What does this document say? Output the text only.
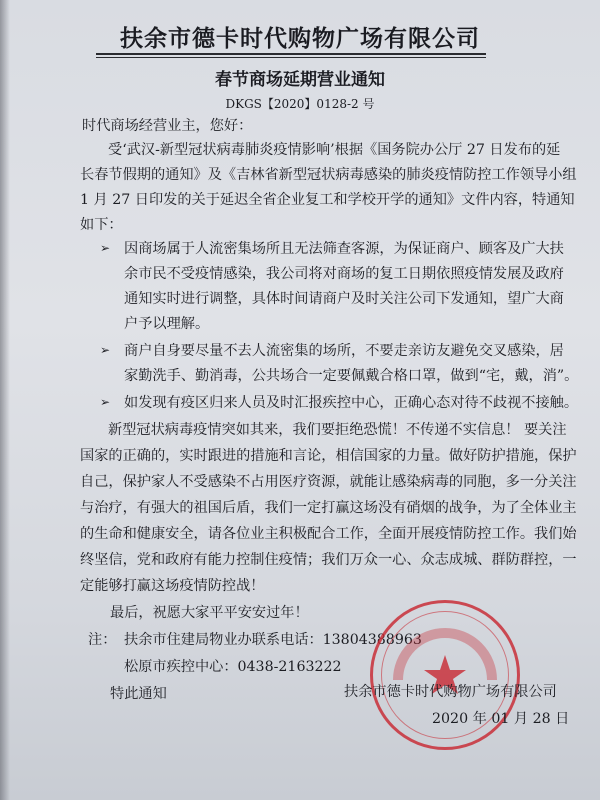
扶余市德卡时代购物广场有限公司
春节商场延期营业通知
DKGS【2020】0128-2 号
时代商场经营业主，您好：
受‘武汉-新型冠状病毒肺炎疫情影响’根据《国务院办公厅 27 日发布的延
长春节假期的通知》及《吉林省新型冠状病毒感染的肺炎疫情防控工作领导小组
1 月 27 日印发的关于延迟全省企业复工和学校开学的通知》文件内容，特通知
如下：
➢ 因商场属于人流密集场所且无法筛查客源，为保证商户、顾客及广大扶
余市民不受疫情感染，我公司将对商场的复工日期依照疫情发展及政府
通知实时进行调整，具体时间请商户及时关注公司下发通知，望广大商
户予以理解。
➢ 商户自身要尽量不去人流密集的场所，不要走亲访友避免交叉感染，居
家勤洗手、勤消毒，公共场合一定要佩戴合格口罩，做到“宅，戴，消”。
➢ 如发现有疫区归来人员及时汇报疾控中心，正确心态对待不歧视不接触。
新型冠状病毒疫情突如其来，我们要拒绝恐慌！不传递不实信息！ 要关注
国家的正确的，实时跟进的措施和言论，相信国家的力量。做好防护措施，保护
自己，保护家人不受感染不占用医疗资源，就能让感染病毒的同胞，多一分关注
与治疗，有强大的祖国后盾，我们一定打赢这场没有硝烟的战争，为了全体业主
的生命和健康安全，请各位业主积极配合工作，全面开展疫情防控工作。我们始
终坚信，党和政府有能力控制住疫情；我们万众一心、众志成城、群防群控，一
定能够打赢这场疫情防控战！
最后，祝愿大家平平安安过年！
注： 扶余市住建局物业办联系电话：13804388963
松原市疾控中心：0438-2163222
特此通知	扶余市德卡时代购物广场有限公司
2020 年 01 月 28 日
